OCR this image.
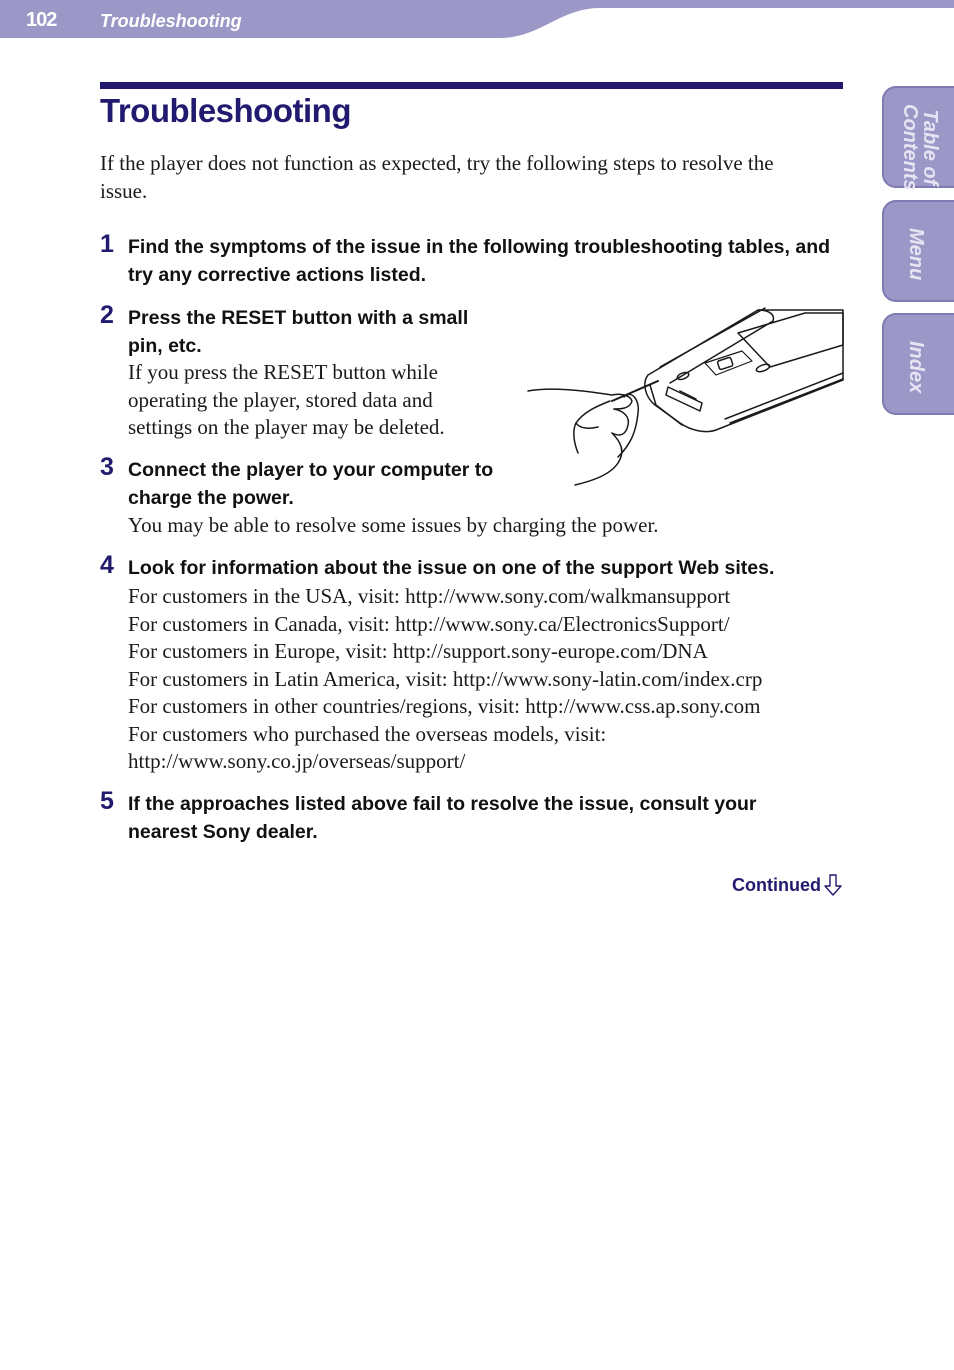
102 Troubleshooting
Table of
Contents
Menu
Index
Troubleshooting
If the player does not function as expected, try the following steps to resolve the issue.
1 Find the symptoms of the issue in the following troubleshooting tables, and try any corrective actions listed.
2 Press the RESET button with a small pin, etc.
If you press the RESET button while operating the player, stored data and settings on the player may be deleted.
3 Connect the player to your computer to charge the power.
You may be able to resolve some issues by charging the power.
4 Look for information about the issue on one of the support Web sites.
For customers in the USA, visit: http://www.sony.com/walkmansupport
For customers in Canada, visit: http://www.sony.ca/ElectronicsSupport/
For customers in Europe, visit: http://support.sony-europe.com/DNA
For customers in Latin America, visit: http://www.sony-latin.com/index.crp
For customers in other countries/regions, visit: http://www.css.ap.sony.com
For customers who purchased the overseas models, visit:
http://www.sony.co.jp/overseas/support/
5 If the approaches listed above fail to resolve the issue, consult your nearest Sony dealer.
Continued
